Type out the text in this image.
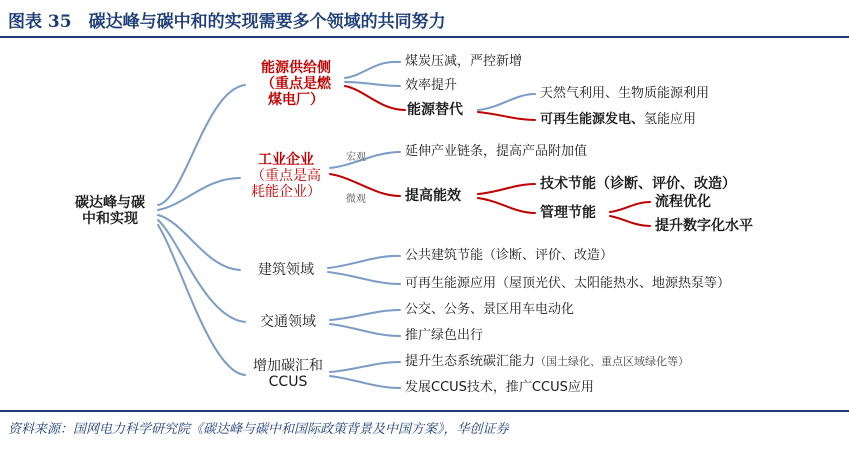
图表 35　碳达峰与碳中和的实现需要多个领域的共同努力
碳达峰与碳
中和实现
能源供给侧
（重点是燃
煤电厂）
煤炭压减，严控新增
效率提升
能源替代
天然气利用、生物质能源利用
可再生能源发电、氢能应用
工业企业
（重点是高
耗能企业）
宏观
微观
延伸产业链条，提高产品附加值
提高能效
技术节能（诊断、评价、改造）
管理节能
流程优化
提升数字化水平
建筑领域
公共建筑节能（诊断、评价、改造）
可再生能源应用（屋顶光伏、太阳能热水、地源热泵等）
交通领域
公交、公务、景区用车电动化
推广绿色出行
增加碳汇和
CCUS
提升生态系统碳汇能力（国土绿化、重点区域绿化等）
发展CCUS技术，推广CCUS应用
资料来源：国网电力科学研究院《碳达峰与碳中和国际政策背景及中国方案》，华创证券
